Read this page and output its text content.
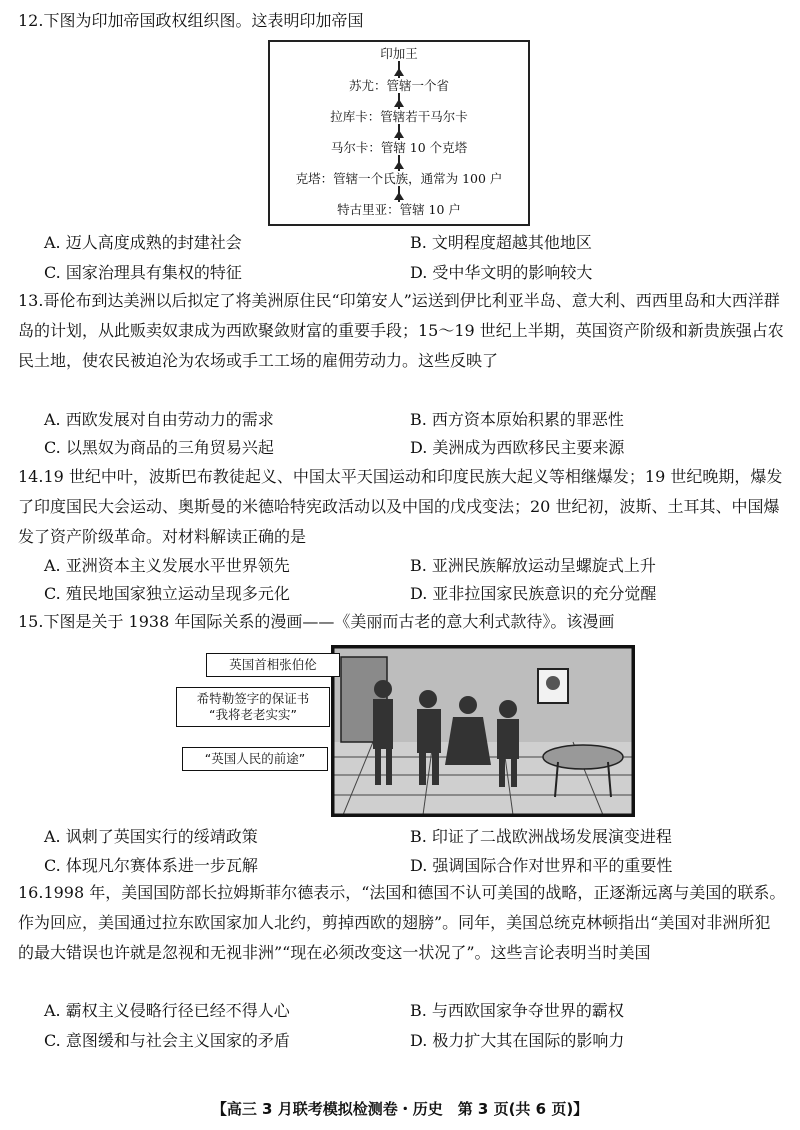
12.下图为印加帝国政权组织图。这表明印加帝国
印加王
苏尤：管辖一个省
拉库卡：管辖若干马尔卡
马尔卡：管辖 10 个克塔
克塔：管辖一个氏族，通常为 100 户
特古里亚：管辖 10 户
A. 迈人高度成熟的封建社会	B. 文明程度超越其他地区
C. 国家治理具有集权的特征	D. 受中华文明的影响较大
13.哥伦布到达美洲以后拟定了将美洲原住民“印第安人”运送到伊比利亚半岛、意大利、西西里岛和大西洋群岛的计划，从此贩卖奴隶成为西欧聚敛财富的重要手段；15～19 世纪上半期，英国资产阶级和新贵族强占农民土地，使农民被迫沦为农场或手工工场的雇佣劳动力。这些反映了
A. 西欧发展对自由劳动力的需求	B. 西方资本原始积累的罪恶性
C. 以黑奴为商品的三角贸易兴起	D. 美洲成为西欧移民主要来源
14.19 世纪中叶，波斯巴布教徒起义、中国太平天国运动和印度民族大起义等相继爆发；19 世纪晚期，爆发了印度国民大会运动、奥斯曼的米德哈特宪政活动以及中国的戊戌变法；20 世纪初，波斯、土耳其、中国爆发了资产阶级革命。对材料解读正确的是
A. 亚洲资本主义发展水平世界领先	B. 亚洲民族解放运动呈螺旋式上升
C. 殖民地国家独立运动呈现多元化	D. 亚非拉国家民族意识的充分觉醒
15.下图是关于 1938 年国际关系的漫画——《美丽而古老的意大利式款待》。该漫画
英国首相张伯伦
希特勒签字的保证书
“我将老老实实”
“英国人民的前途”
A. 讽刺了英国实行的绥靖政策	B. 印证了二战欧洲战场发展演变进程
C. 体现凡尔赛体系进一步瓦解	D. 强调国际合作对世界和平的重要性
16.1998 年，美国国防部长拉姆斯菲尔德表示，“法国和德国不认可美国的战略，正逐渐远离与美国的联系。作为回应，美国通过拉东欧国家加人北约，剪掉西欧的翅膀”。同年，美国总统克林顿指出“美国对非洲所犯的最大错误也许就是忽视和无视非洲”“现在必须改变这一状况了”。这些言论表明当时美国
A. 霸权主义侵略行径已经不得人心	B. 与西欧国家争夺世界的霸权
C. 意图缓和与社会主义国家的矛盾	D. 极力扩大其在国际的影响力
【高三 3 月联考模拟检测卷・历史　第 3 页(共 6 页)】
